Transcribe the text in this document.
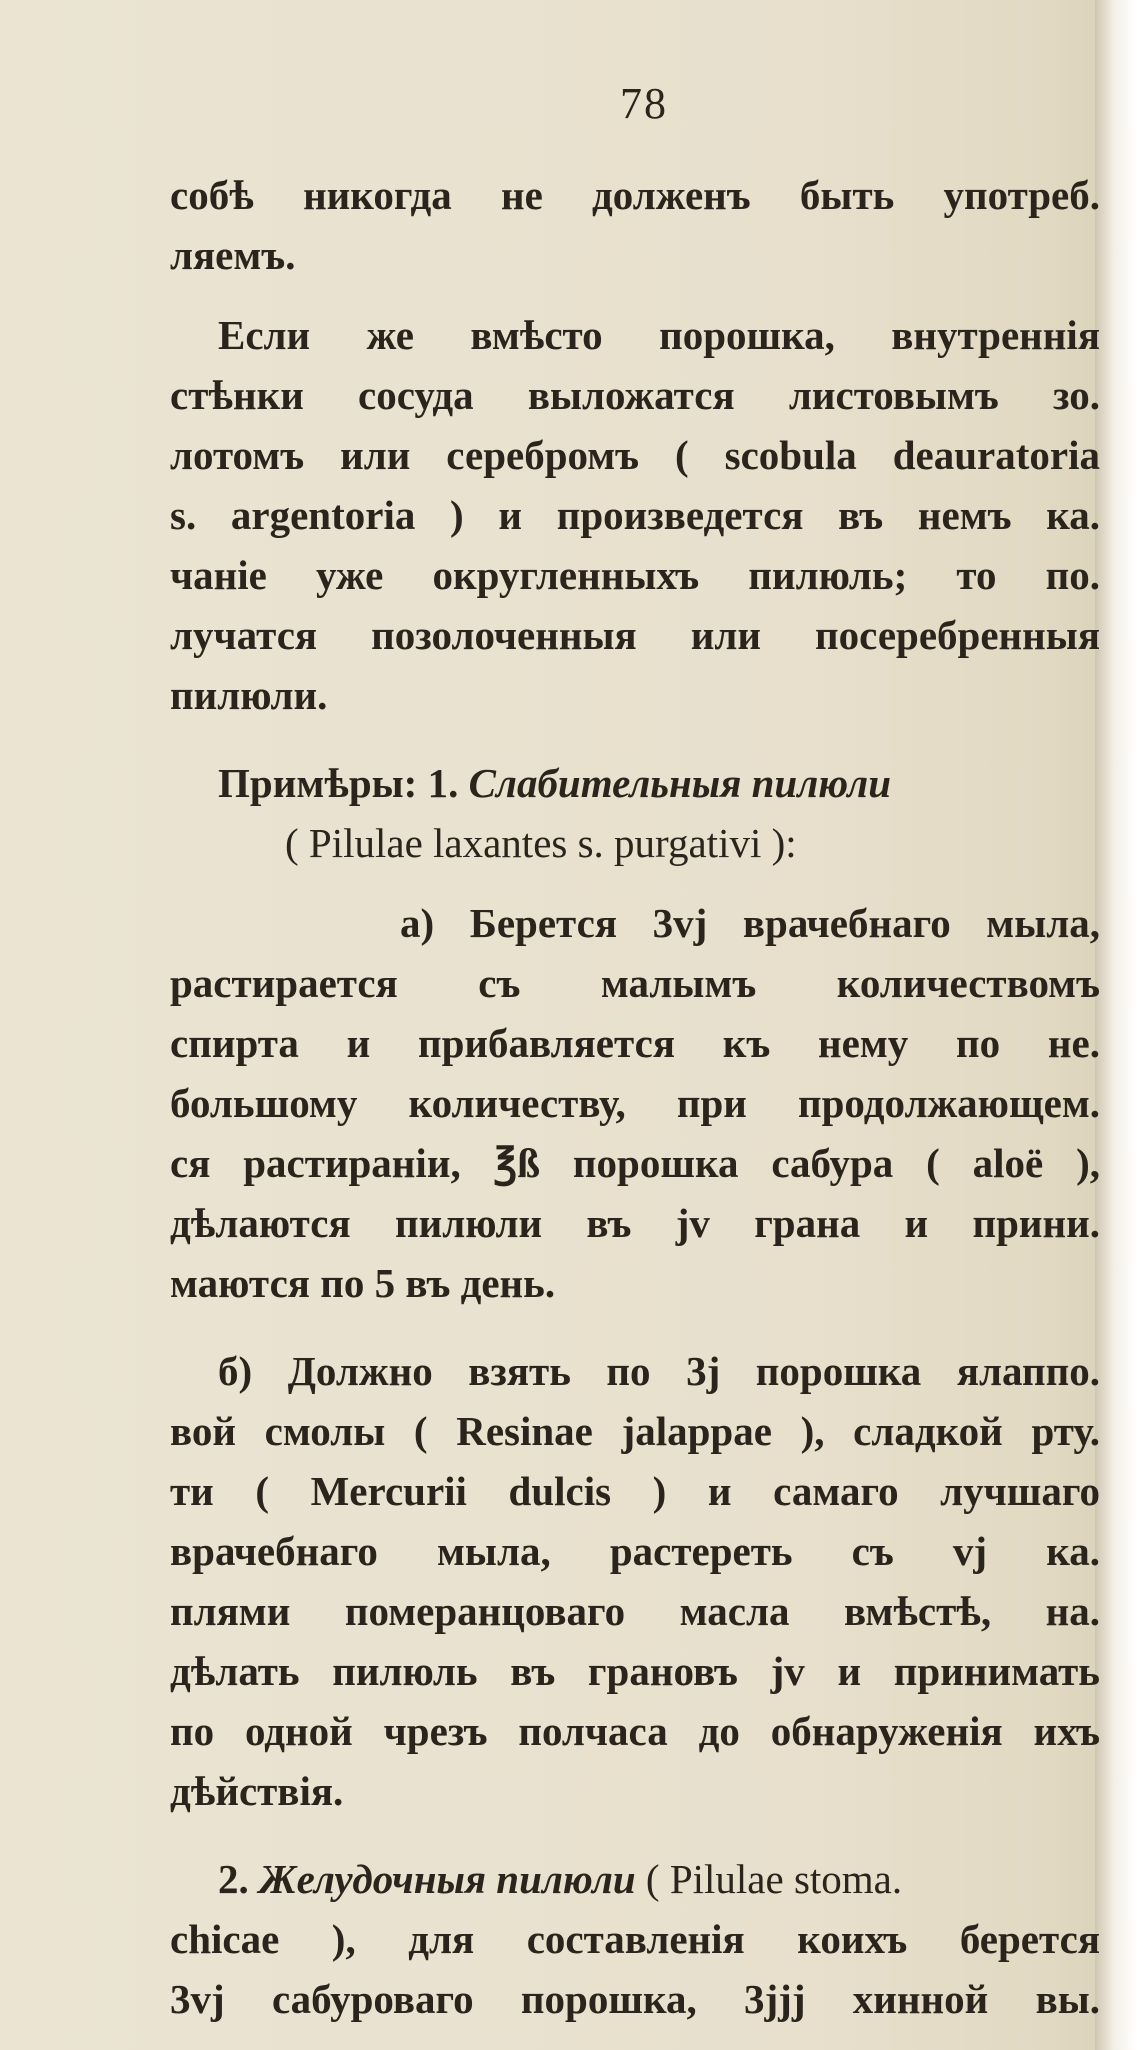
78
собѣ никогда не долженъ быть употреб.
ляемъ.
Если же вмѣсто порошка, внутреннія
стѣнки сосуда выложатся листовымъ зо.
лотомъ или серебромъ ( scobula deauratoria
s. argentoria ) и произведется въ немъ ка.
чаніе уже округленныхъ пилюль; то по.
лучатся позолоченныя или посеребренныя
пилюли.
Примѣры: 1. Слабительныя пилюли
( Pilulae laxantes s. purgativi ):
а) Берется 3vj врачебнаго мыла,
растирается съ малымъ количествомъ
спирта и прибавляется къ нему по не.
большому количеству, при продолжающем.
ся растираніи, ℥ß порошка сабура ( aloë ),
дѣлаются пилюли въ jv грана и прини.
маются по 5 въ день.
б) Должно взять по 3j порошка ялаппо.
вой смолы ( Resinae jalappae ), сладкой рту.
ти ( Mercurii dulcis ) и самаго лучшаго
врачебнаго мыла, растереть съ vj ка.
плями померанцоваго масла вмѣстѣ, на.
дѣлать пилюль въ грановъ jv и принимать
по одной чрезъ полчаса до обнаруженія ихъ
дѣйствія.
2. Желудочныя пилюли ( Pilulae stoma.
chicae ), для составленія коихъ берется
3vj сабуроваго порошка, 3jjj хинной вы.
